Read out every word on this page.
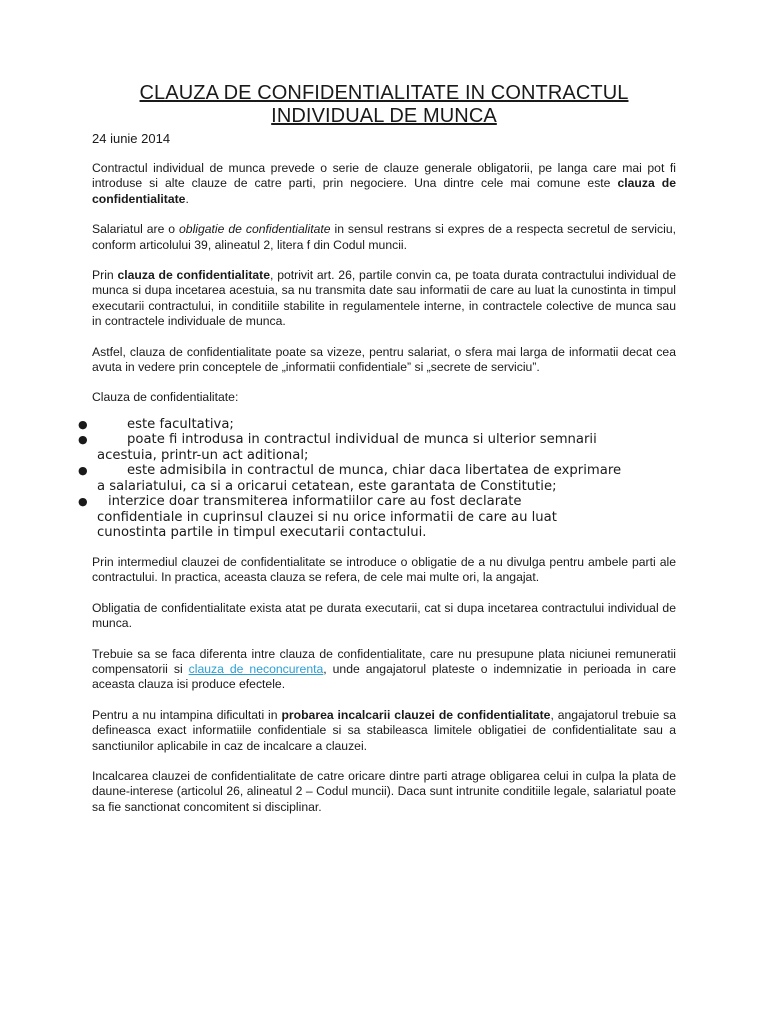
CLAUZA DE CONFIDENTIALITATE IN CONTRACTUL
INDIVIDUAL DE MUNCA
24 iunie 2014

Contractul individual de munca prevede o serie de clauze generale obligatorii, pe langa care mai pot fi introduse si alte clauze de catre parti, prin negociere. Una dintre cele mai comune este clauza de confidentialitate.

Salariatul are o obligatie de confidentialitate in sensul restrans si expres de a respecta secretul de serviciu, conform articolului 39, alineatul 2, litera f din Codul muncii.

Prin clauza de confidentialitate, potrivit art. 26, partile convin ca, pe toata durata contractului individual de munca si dupa incetarea acestuia, sa nu transmita date sau informatii de care au luat la cunostinta in timpul executarii contractului, in conditiile stabilite in regulamentele interne, in contractele colective de munca sau in contractele individuale de munca.

Astfel, clauza de confidentialitate poate sa vizeze, pentru salariat, o sfera mai larga de informatii decat cea avuta in vedere prin conceptele de „informatii confidentiale” si „secrete de serviciu”.

Clauza de confidentialitate:

●	este facultativa;
●	poate fi introdusa in contractul individual de munca si ulterior semnarii
acestuia, printr-un act aditional;
●	este admisibila in contractul de munca, chiar daca libertatea de exprimare
a salariatului, ca si a oricarui cetatean, este garantata de Constitutie;
●	interzice doar transmiterea informatiilor care au fost declarate
confidentiale in cuprinsul clauzei si nu orice informatii de care au luat
cunostinta partile in timpul executarii contactului.

Prin intermediul clauzei de confidentialitate se introduce o obligatie de a nu divulga pentru ambele parti ale contractului. In practica, aceasta clauza se refera, de cele mai multe ori, la angajat.

Obligatia de confidentialitate exista atat pe durata executarii, cat si dupa incetarea contractului individual de munca.

Trebuie sa se faca diferenta intre clauza de confidentialitate, care nu presupune plata niciunei remuneratii compensatorii si clauza de neconcurenta, unde angajatorul plateste o indemnizatie in perioada in care aceasta clauza isi produce efectele.

Pentru a nu intampina dificultati in probarea incalcarii clauzei de confidentialitate, angajatorul trebuie sa defineasca exact informatiile confidentiale si sa stabileasca limitele obligatiei de confidentialitate sau a sanctiunilor aplicabile in caz de incalcare a clauzei.

Incalcarea clauzei de confidentialitate de catre oricare dintre parti atrage obligarea celui in culpa la plata de daune-interese (articolul 26, alineatul 2 – Codul muncii). Daca sunt intrunite conditiile legale, salariatul poate sa fie sanctionat concomitent si disciplinar.
